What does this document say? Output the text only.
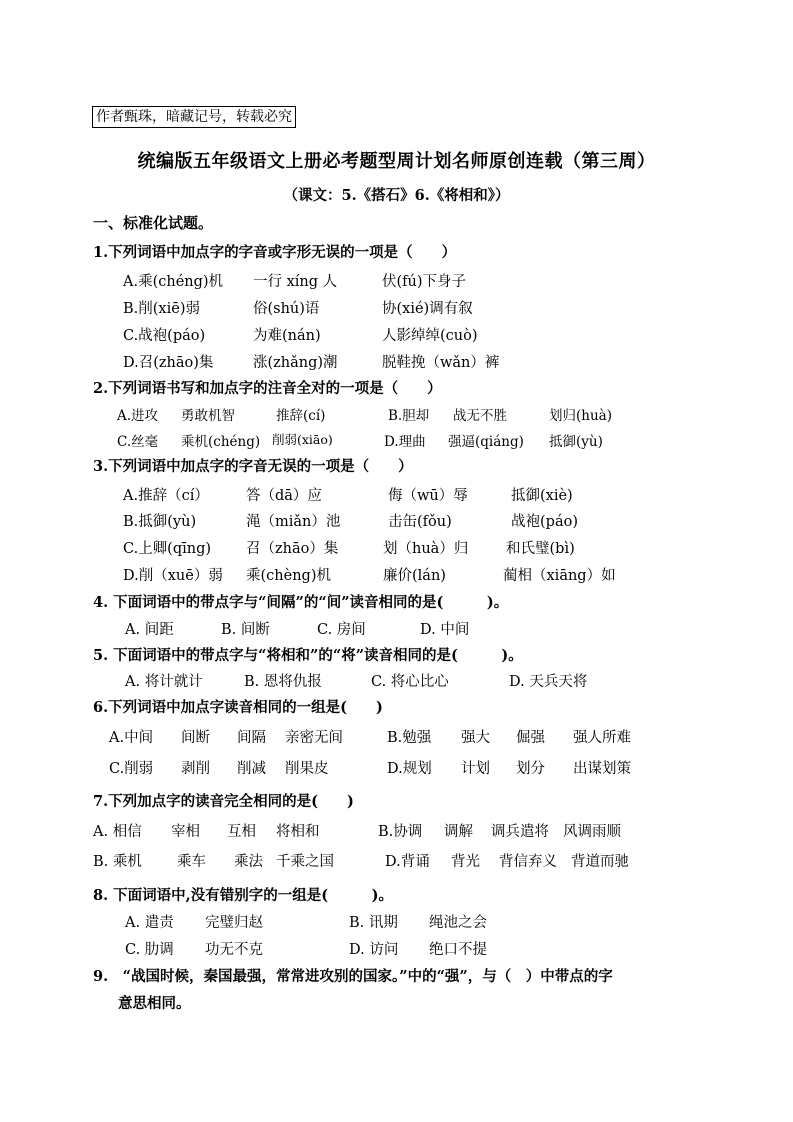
作者甄珠，暗藏记号，转载必究
统编版五年级语文上册必考题型周计划名师原创连载（第三周）
（课文：5.《搭石》6.《将相和》）
一、标准化试题。
1.下列词语中加点字的字音或字形无误的一项是（　　）
A.乘(chéng)机 一行 xíng 人	伏(fú)下身子
B.削(xiē)弱	俗(shú)语	协(xié)调有叙
C.战袍(páo)	为难(nán)	人影绰绰(cuò)
D.召(zhāo)集	涨(zhǎng)潮	脱鞋挽（wǎn）裤
2.下列词语书写和加点字的注音全对的一项是（　　）
A.进攻 勇敢机智	推辞(cí)	B.胆却 战无不胜	划归(huà)
C.丝毫 乘机(chéng) 削弱(xiāo)	D.理曲 强逼(qiáng) 抵御(yù)
3.下列词语中加点字的字音无误的一项是（　　）
A.推辞（cí）	答（dā）应	侮（wū）辱	抵御(xiè)
B.抵御(yù)	渑（miǎn）池	击缶(fǒu)	战袍(páo)
C.上卿(qīng) 召（zhāo）集	划（huà）归	和氏璧(bì)
D.削（xuē）弱 乘(chèng)机	廉价(lán)	蔺相（xiāng）如
4. 下面词语中的带点字与“间隔”的“间”读音相同的是(　　　)。
A. 间距	B. 间断	C. 房间	D. 中间
5. 下面词语中的带点字与“将相和”的“将”读音相同的是(　　　)。
A. 将计就计	B. 恩将仇报	C. 将心比心	D. 天兵天将
6.下列词语中加点字读音相同的一组是(　　)
A.中间 间断 间隔 亲密无间	B.勉强 强大 倔强 强人所难
C.削弱 剥削 削减 削果皮	D.规划 计划 划分 出谋划策
7.下列加点字的读音完全相同的是(　　)
A. 相信 宰相 互相 将相和	B.协调 调解 调兵遣将 风调雨顺
B. 乘机 乘车 乘法 千乘之国	D.背诵 背光 背信弃义 背道而驰
8. 下面词语中,没有错别字的一组是(　　　)。
A. 遣责 完璧归赵	B. 讯期 绳池之会
C. 肋调 功无不克	D. 访问 绝口不提
9.　“战国时候，秦国最强，常常进攻别的国家。”中的“强”，与（　）中带点的字
意思相同。
